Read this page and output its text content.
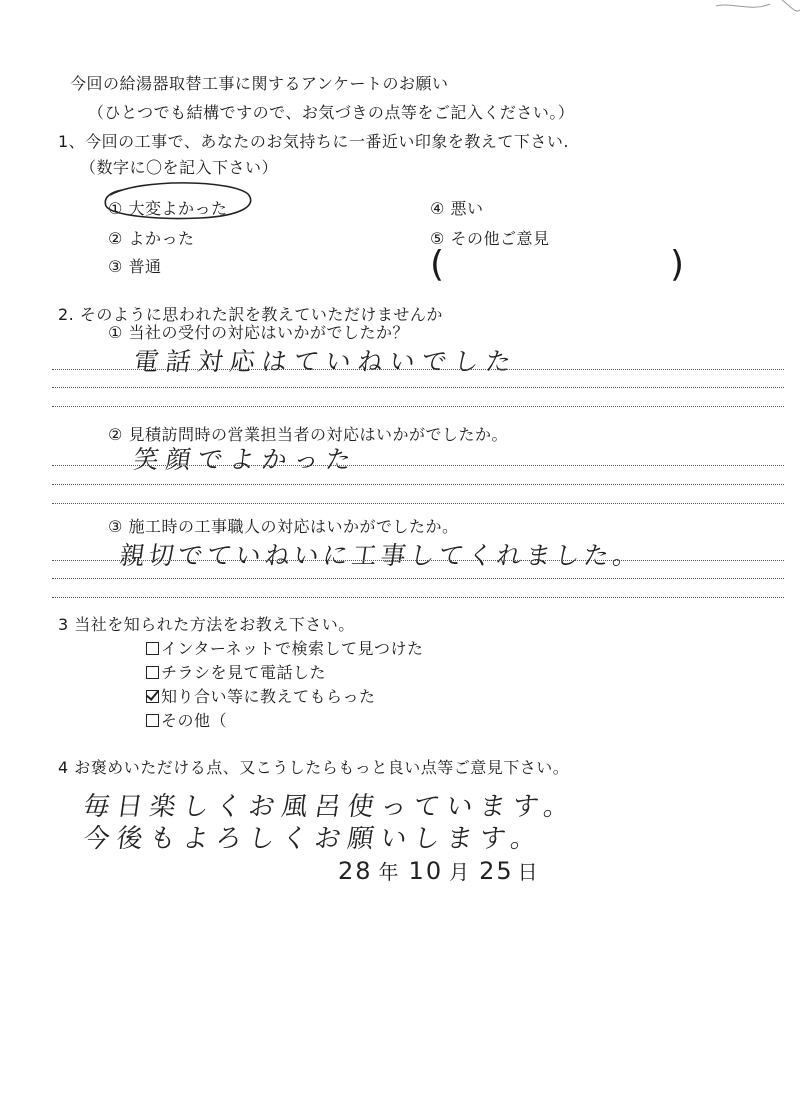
今回の給湯器取替工事に関するアンケートのお願い
（ひとつでも結構ですので、お気づきの点等をご記入ください。）
1、今回の工事で、あなたのお気持ちに一番近い印象を教えて下さい.
（数字に〇を記入下さい）
① 大変よかった
② よかった
③ 普通
④ 悪い
⑤ その他ご意見
(	)
2. そのように思われた訳を教えていただけませんか
① 当社の受付の対応はいかがでしたか？
電話対応はていねいでした
② 見積訪問時の営業担当者の対応はいかがでしたか。
笑顔でよかった
③ 施工時の工事職人の対応はいかがでしたか。
親切でていねいに工事してくれました。
3 当社を知られた方法をお教え下さい。
インターネットで検索して見つけた
チラシを見て電話した
知り合い等に教えてもらった
その他（
4 お褒めいただける点、又こうしたらもっと良い点等ご意見下さい。
毎日楽しくお風呂使っています。
今後もよろしくお願いします。
28 年 10 月 25 日
